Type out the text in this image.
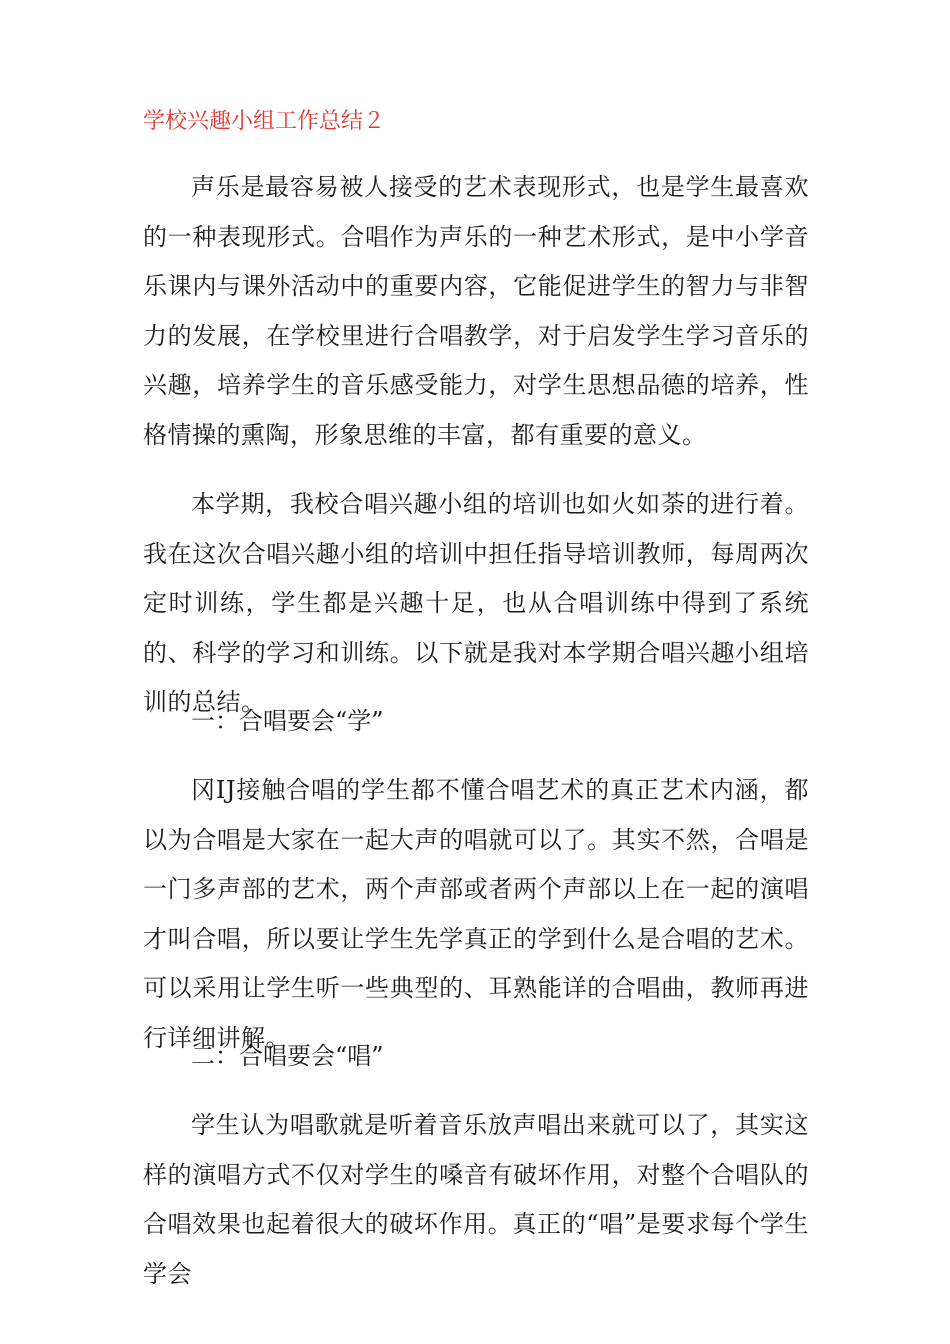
学校兴趣小组工作总结２

声乐是最容易被人接受的艺术表现形式，也是学生最喜欢的一种表现形式。合唱作为声乐的一种艺术形式，是中小学音乐课内与课外活动中的重要内容，它能促进学生的智力与非智力的发展，在学校里进行合唱教学，对于启发学生学习音乐的兴趣，培养学生的音乐感受能力，对学生思想品德的培养，性格情操的熏陶，形象思维的丰富，都有重要的意义。

本学期，我校合唱兴趣小组的培训也如火如荼的进行着。我在这次合唱兴趣小组的培训中担任指导培训教师，每周两次定时训练，学生都是兴趣十足，也从合唱训练中得到了系统的、科学的学习和训练。以下就是我对本学期合唱兴趣小组培训的总结。

一：合唱要会“学”

冈IJ接触合唱的学生都不懂合唱艺术的真正艺术内涵，都以为合唱是大家在一起大声的唱就可以了。其实不然，合唱是一门多声部的艺术，两个声部或者两个声部以上在一起的演唱才叫合唱，所以要让学生先学真正的学到什么是合唱的艺术。可以采用让学生听一些典型的、耳熟能详的合唱曲，教师再进行详细讲解。

二：合唱要会“唱”

学生认为唱歌就是听着音乐放声唱出来就可以了，其实这样的演唱方式不仅对学生的嗓音有破坏作用，对整个合唱队的合唱效果也起着很大的破坏作用。真正的“唱”是要求每个学生学会
